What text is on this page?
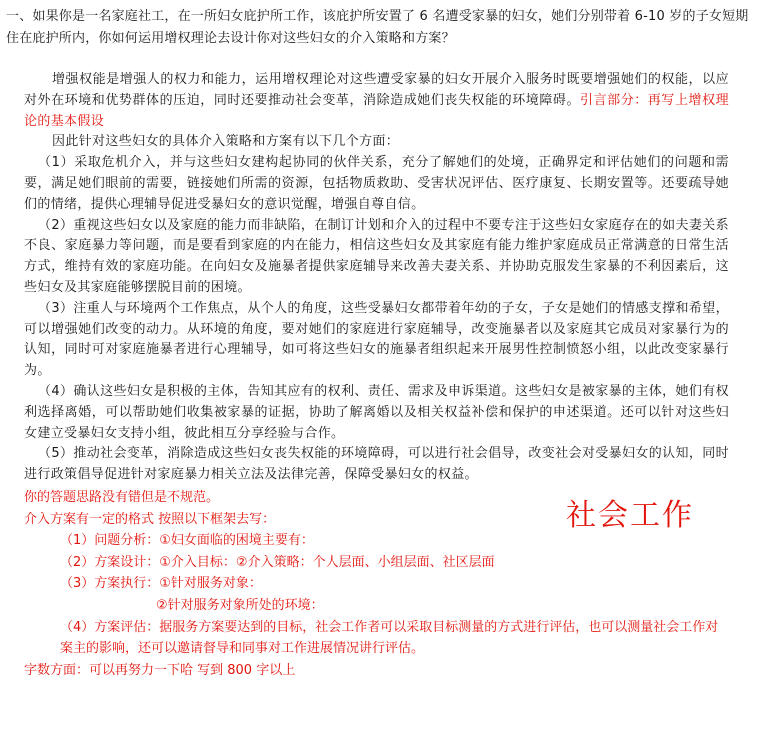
一、如果你是一名家庭社工，在一所妇女庇护所工作，该庇护所安置了 6 名遭受家暴的妇女，她们分别带着 6-10 岁的子女短期住在庇护所内，你如何运用增权理论去设计你对这些妇女的介入策略和方案？

增强权能是增强人的权力和能力，运用增权理论对这些遭受家暴的妇女开展介入服务时既要增强她们的权能，以应对外在环境和优势群体的压迫，同时还要推动社会变革，消除造成她们丧失权能的环境障碍。引言部分：再写上增权理论的基本假设

因此针对这些妇女的具体介入策略和方案有以下几个方面：

（1）采取危机介入，并与这些妇女建构起协同的伙伴关系，充分了解她们的处境，正确界定和评估她们的问题和需要，满足她们眼前的需要，链接她们所需的资源，包括物质救助、受害状况评估、医疗康复、长期安置等。还要疏导她们的情绪，提供心理辅导促进受暴妇女的意识觉醒，增强自尊自信。

（2）重视这些妇女以及家庭的能力而非缺陷，在制订计划和介入的过程中不要专注于这些妇女家庭存在的如夫妻关系不良、家庭暴力等问题，而是要看到家庭的内在能力，相信这些妇女及其家庭有能力维护家庭成员正常满意的日常生活方式，维持有效的家庭功能。在向妇女及施暴者提供家庭辅导来改善夫妻关系、并协助克服发生家暴的不利因素后，这些妇女及其家庭能够摆脱目前的困境。

（3）注重人与环境两个工作焦点，从个人的角度，这些受暴妇女都带着年幼的子女，子女是她们的情感支撑和希望，可以增强她们改变的动力。从环境的角度，要对她们的家庭进行家庭辅导，改变施暴者以及家庭其它成员对家暴行为的认知，同时可对家庭施暴者进行心理辅导，如可将这些妇女的施暴者组织起来开展男性控制愤怒小组，以此改变家暴行为。

（4）确认这些妇女是积极的主体，告知其应有的权利、责任、需求及申诉渠道。这些妇女是被家暴的主体，她们有权利选择离婚，可以帮助她们收集被家暴的证据，协助了解离婚以及相关权益补偿和保护的申述渠道。还可以针对这些妇女建立受暴妇女支持小组，彼此相互分享经验与合作。

（5）推动社会变革，消除造成这些妇女丧失权能的环境障碍，可以进行社会倡导，改变社会对受暴妇女的认知，同时进行政策倡导促进针对家庭暴力相关立法及法律完善，保障受暴妇女的权益。

你的答题思路没有错但是不规范。

介入方案有一定的格式 按照以下框架去写：

（1）问题分析：①妇女面临的困境主要有：

（2）方案设计：①介入目标：②介入策略：个人层面、小组层面、社区层面

（3）方案执行：①针对服务对象：

②针对服务对象所处的环境：

（4）方案评估：据服务方案要达到的目标，社会工作者可以采取目标测量的方式进行评估，也可以测量社会工作对案主的影响，还可以邀请督导和同事对工作进展情况讲行评估。

字数方面：可以再努力一下哈 写到 800 字以上

社会工作
